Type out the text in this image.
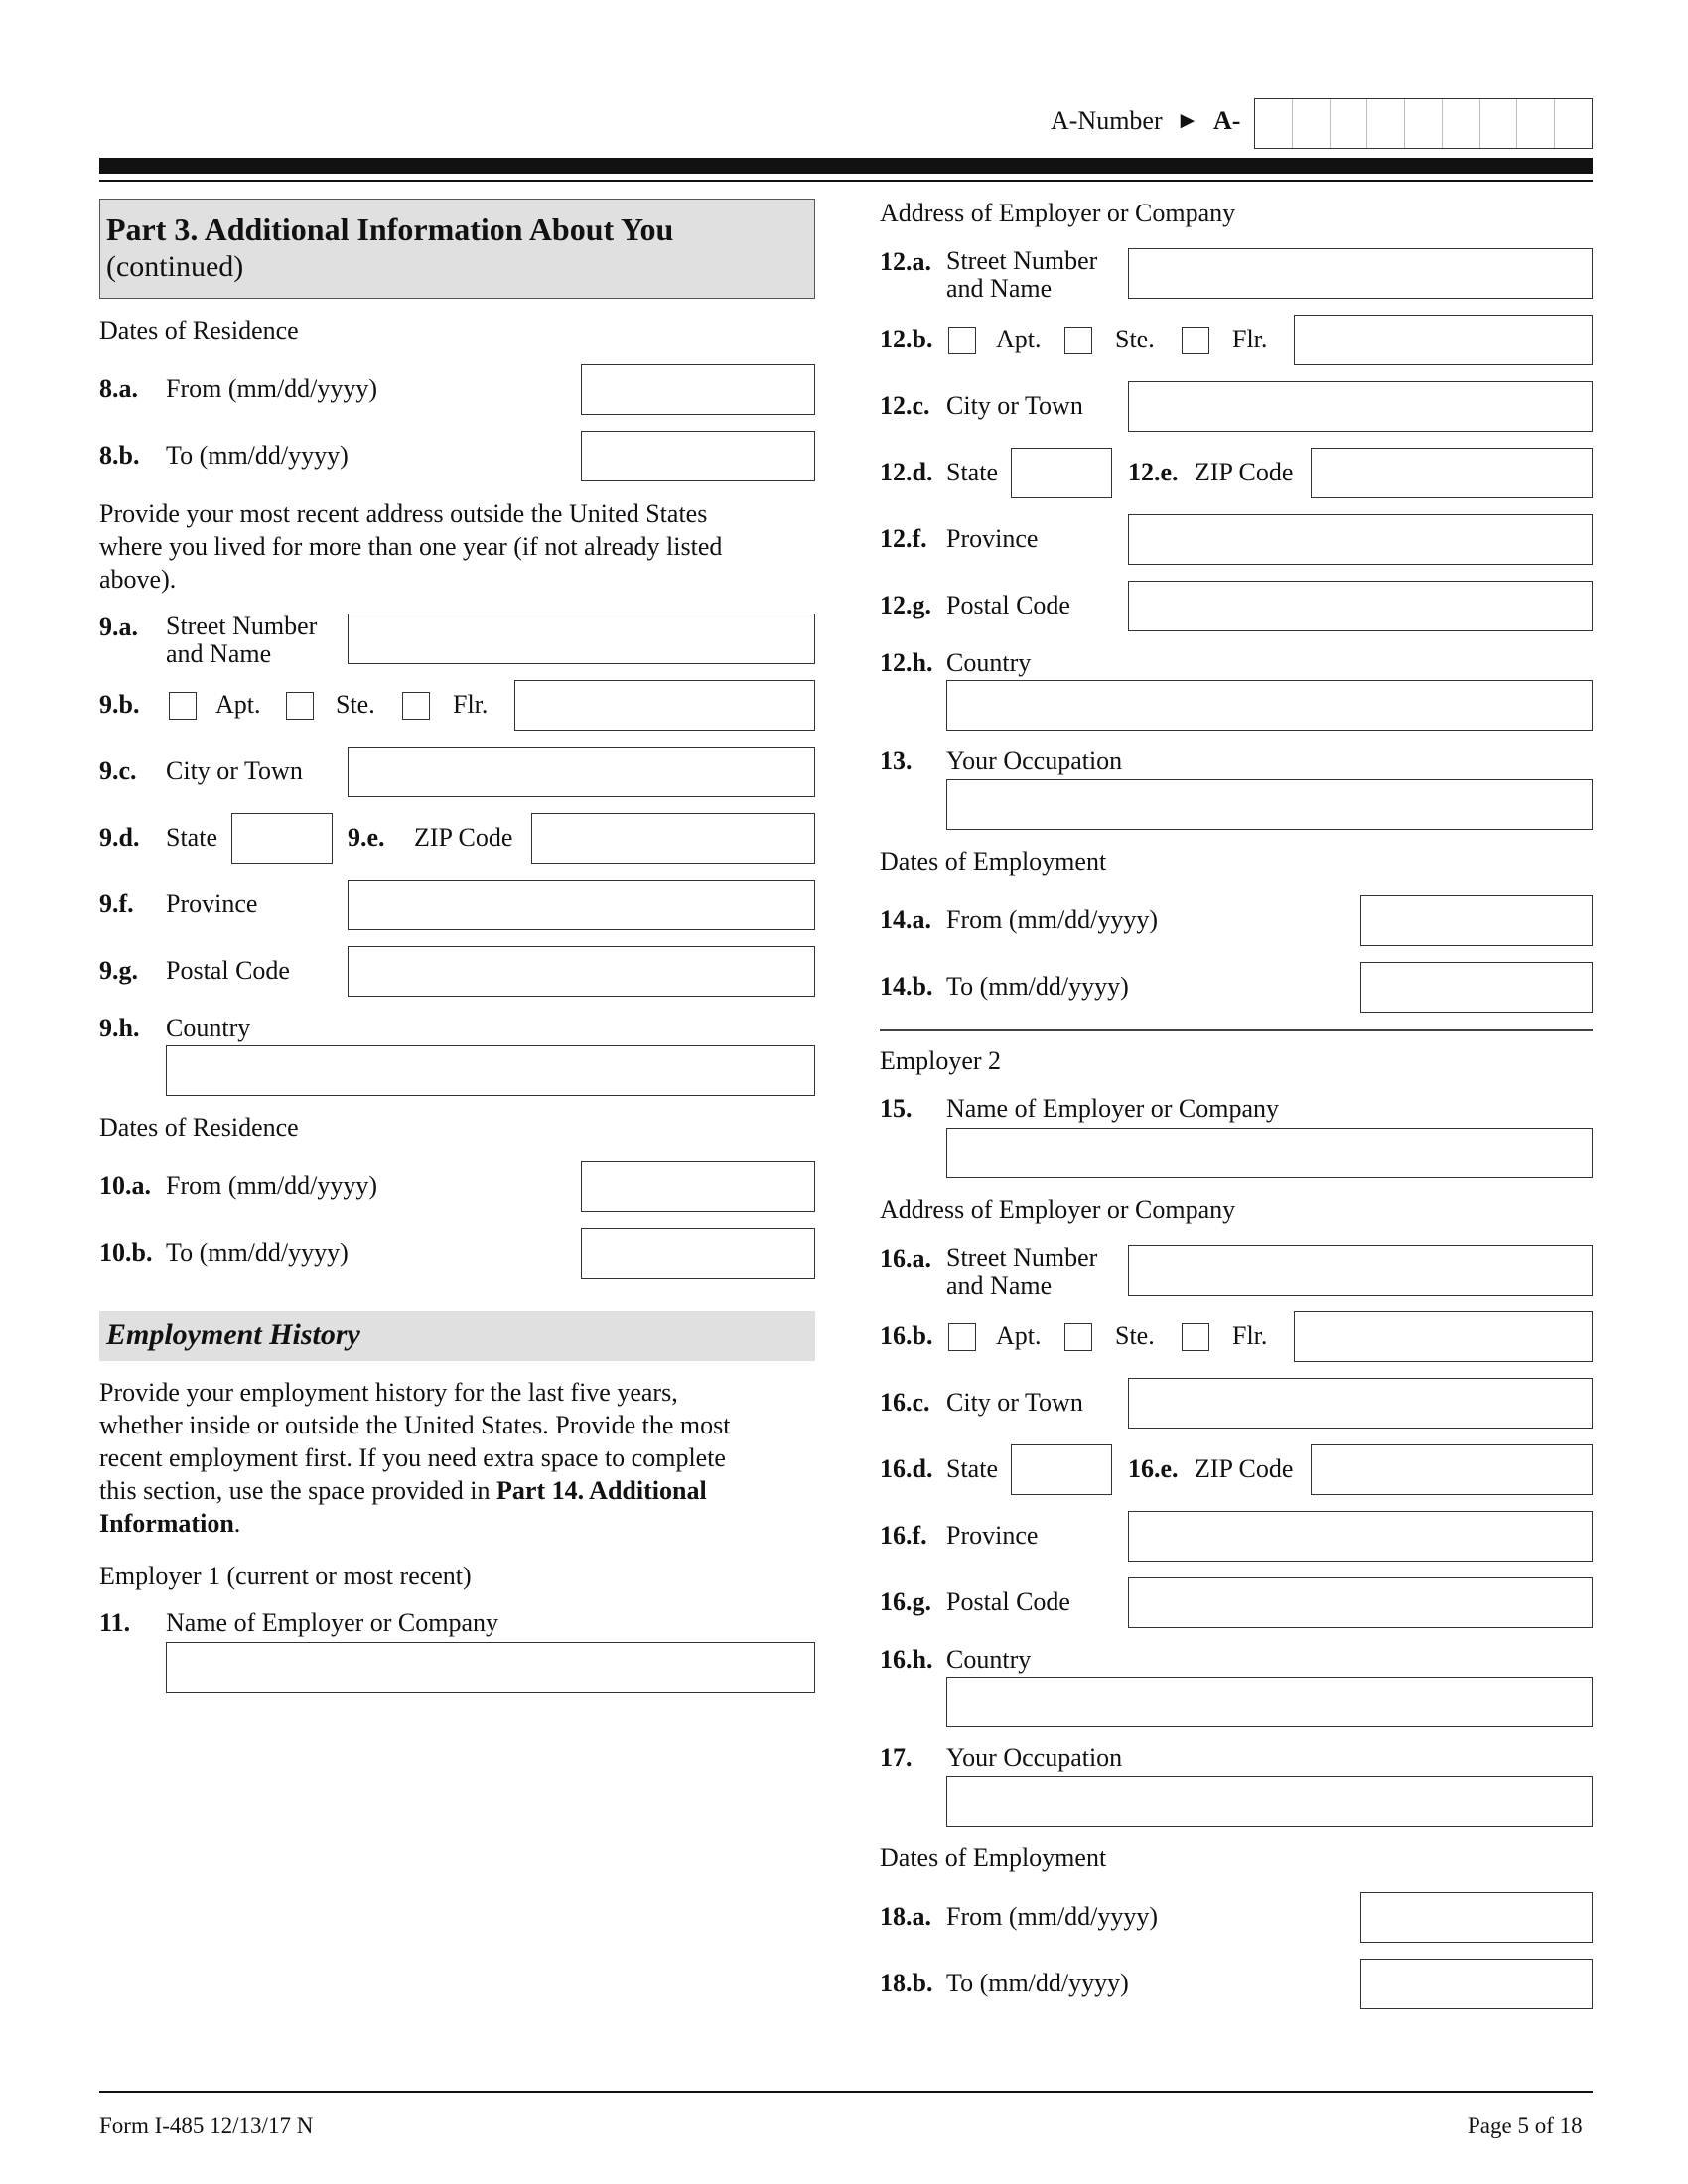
A-Number ► A-
Part 3. Additional Information About You
(continued)
Dates of Residence
8.a. From (mm/dd/yyyy)
8.b. To (mm/dd/yyyy)
Provide your most recent address outside the United States
where you lived for more than one year (if not already listed
above).
9.a. Street Number
and Name
9.b.	Apt.	Ste.	Flr.
9.c. City or Town
9.d. State	9.e. ZIP Code
9.f. Province
9.g. Postal Code
9.h. Country
Dates of Residence
10.a. From (mm/dd/yyyy)
10.b. To (mm/dd/yyyy)
Employment History
Provide your employment history for the last five years,
whether inside or outside the United States. Provide the most
recent employment first. If you need extra space to complete
this section, use the space provided in Part 14. Additional
Information.
Employer 1 (current or most recent)
11. Name of Employer or Company
Address of Employer or Company
12.a. Street Number
and Name
12.b. Apt.	Ste.	Flr.
12.c. City or Town
12.d. State	12.e. ZIP Code
12.f. Province
12.g. Postal Code
12.h. Country
13. Your Occupation
Dates of Employment
14.a. From (mm/dd/yyyy)
14.b. To (mm/dd/yyyy)
Employer 2
15. Name of Employer or Company
Address of Employer or Company
16.a. Street Number
and Name
16.b. Apt.	Ste.	Flr.
16.c. City or Town
16.d. State	16.e. ZIP Code
16.f. Province
16.g. Postal Code
16.h. Country
17. Your Occupation
Dates of Employment
18.a. From (mm/dd/yyyy)
18.b. To (mm/dd/yyyy)
Form I-485 12/13/17 N	Page 5 of 18
